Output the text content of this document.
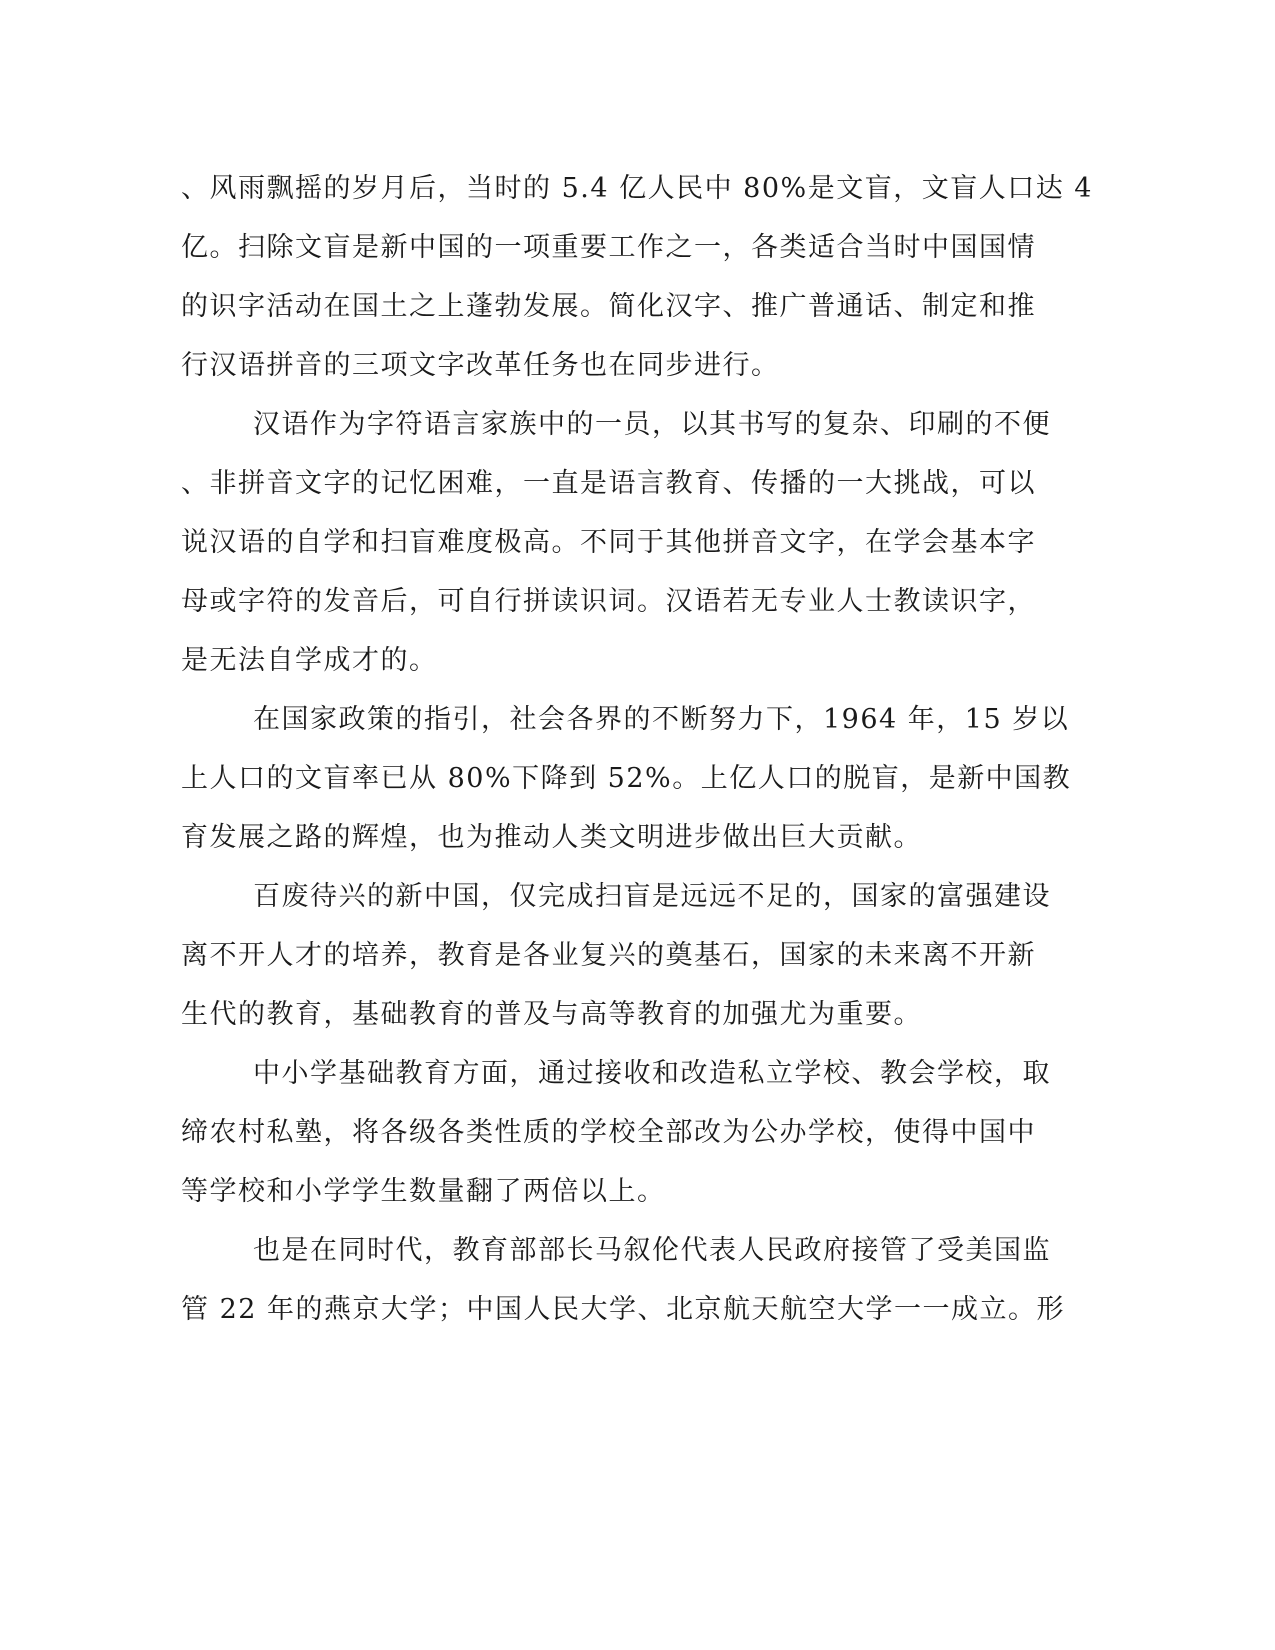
、风雨飘摇的岁月后，当时的 5.4 亿人民中 80%是文盲，文盲人口达 4
亿。扫除文盲是新中国的一项重要工作之一，各类适合当时中国国情
的识字活动在国土之上蓬勃发展。简化汉字、推广普通话、制定和推
行汉语拼音的三项文字改革任务也在同步进行。
汉语作为字符语言家族中的一员，以其书写的复杂、印刷的不便
、非拼音文字的记忆困难，一直是语言教育、传播的一大挑战，可以
说汉语的自学和扫盲难度极高。不同于其他拼音文字，在学会基本字
母或字符的发音后，可自行拼读识词。汉语若无专业人士教读识字，
是无法自学成才的。
在国家政策的指引，社会各界的不断努力下，1964 年，15 岁以
上人口的文盲率已从 80%下降到 52%。上亿人口的脱盲，是新中国教
育发展之路的辉煌，也为推动人类文明进步做出巨大贡献。
百废待兴的新中国，仅完成扫盲是远远不足的，国家的富强建设
离不开人才的培养，教育是各业复兴的奠基石，国家的未来离不开新
生代的教育，基础教育的普及与高等教育的加强尤为重要。
中小学基础教育方面，通过接收和改造私立学校、教会学校，取
缔农村私塾，将各级各类性质的学校全部改为公办学校，使得中国中
等学校和小学学生数量翻了两倍以上。
也是在同时代，教育部部长马叙伦代表人民政府接管了受美国监
管 22 年的燕京大学；中国人民大学、北京航天航空大学一一成立。形
